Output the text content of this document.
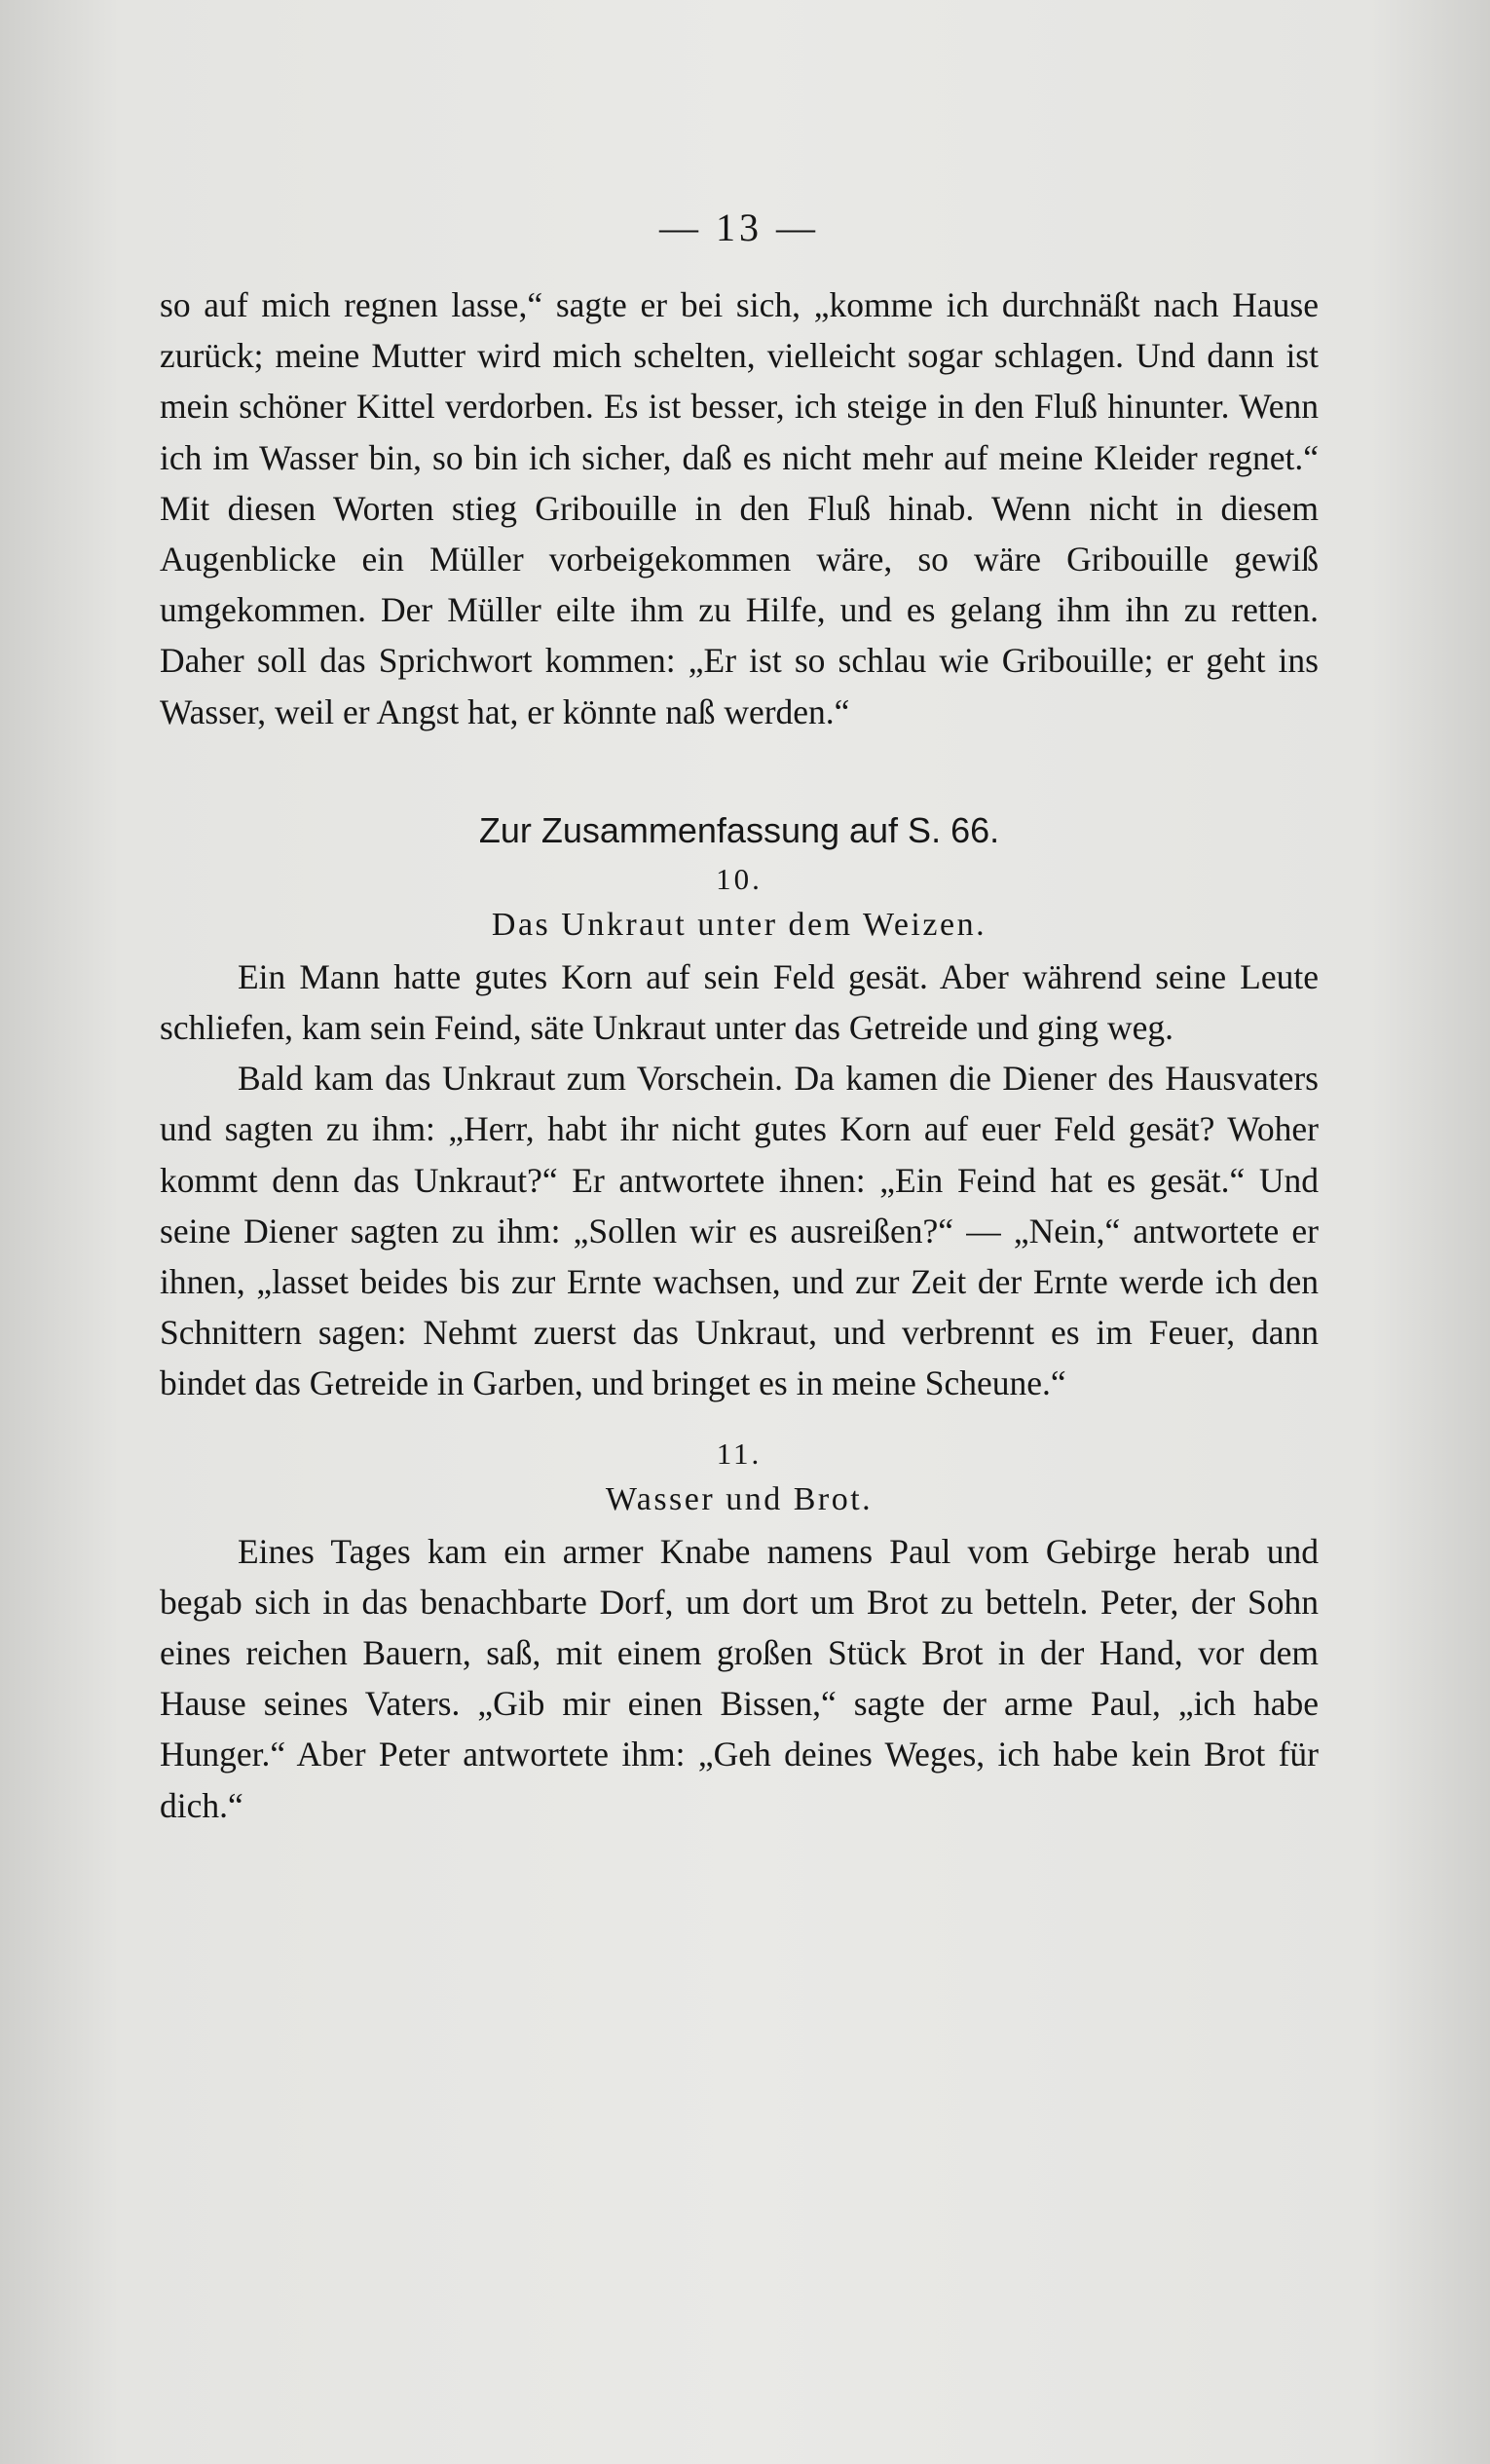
— 13 —

so auf mich regnen lasse,“ sagte er bei sich, „komme ich durchnäßt nach Hause zurück; meine Mutter wird mich schelten, vielleicht sogar schlagen. Und dann ist mein schöner Kittel verdorben. Es ist besser, ich steige in den Fluß hinunter. Wenn ich im Wasser bin, so bin ich sicher, daß es nicht mehr auf meine Kleider regnet.“ Mit diesen Worten stieg Gribouille in den Fluß hinab. Wenn nicht in diesem Augenblicke ein Müller vorbeigekommen wäre, so wäre Gribouille gewiß umgekommen. Der Müller eilte ihm zu Hilfe, und es gelang ihm ihn zu retten. Daher soll das Sprichwort kommen: „Er ist so schlau wie Gribouille; er geht ins Wasser, weil er Angst hat, er könnte naß werden.“

Zur Zusammenfassung auf S. 66.
10.
Das Unkraut unter dem Weizen.

Ein Mann hatte gutes Korn auf sein Feld gesät. Aber während seine Leute schliefen, kam sein Feind, säte Unkraut unter das Getreide und ging weg.

Bald kam das Unkraut zum Vorschein. Da kamen die Diener des Hausvaters und sagten zu ihm: „Herr, habt ihr nicht gutes Korn auf euer Feld gesät? Woher kommt denn das Unkraut?“ Er antwortete ihnen: „Ein Feind hat es gesät.“ Und seine Diener sagten zu ihm: „Sollen wir es ausreißen?“ — „Nein,“ antwortete er ihnen, „lasset beides bis zur Ernte wachsen, und zur Zeit der Ernte werde ich den Schnittern sagen: Nehmt zuerst das Unkraut, und verbrennt es im Feuer, dann bindet das Getreide in Garben, und bringet es in meine Scheune.“

11.
Wasser und Brot.

Eines Tages kam ein armer Knabe namens Paul vom Gebirge herab und begab sich in das benachbarte Dorf, um dort um Brot zu betteln. Peter, der Sohn eines reichen Bauern, saß, mit einem großen Stück Brot in der Hand, vor dem Hause seines Vaters. „Gib mir einen Bissen,“ sagte der arme Paul, „ich habe Hunger.“ Aber Peter antwortete ihm: „Geh deines Weges, ich habe kein Brot für dich.“
